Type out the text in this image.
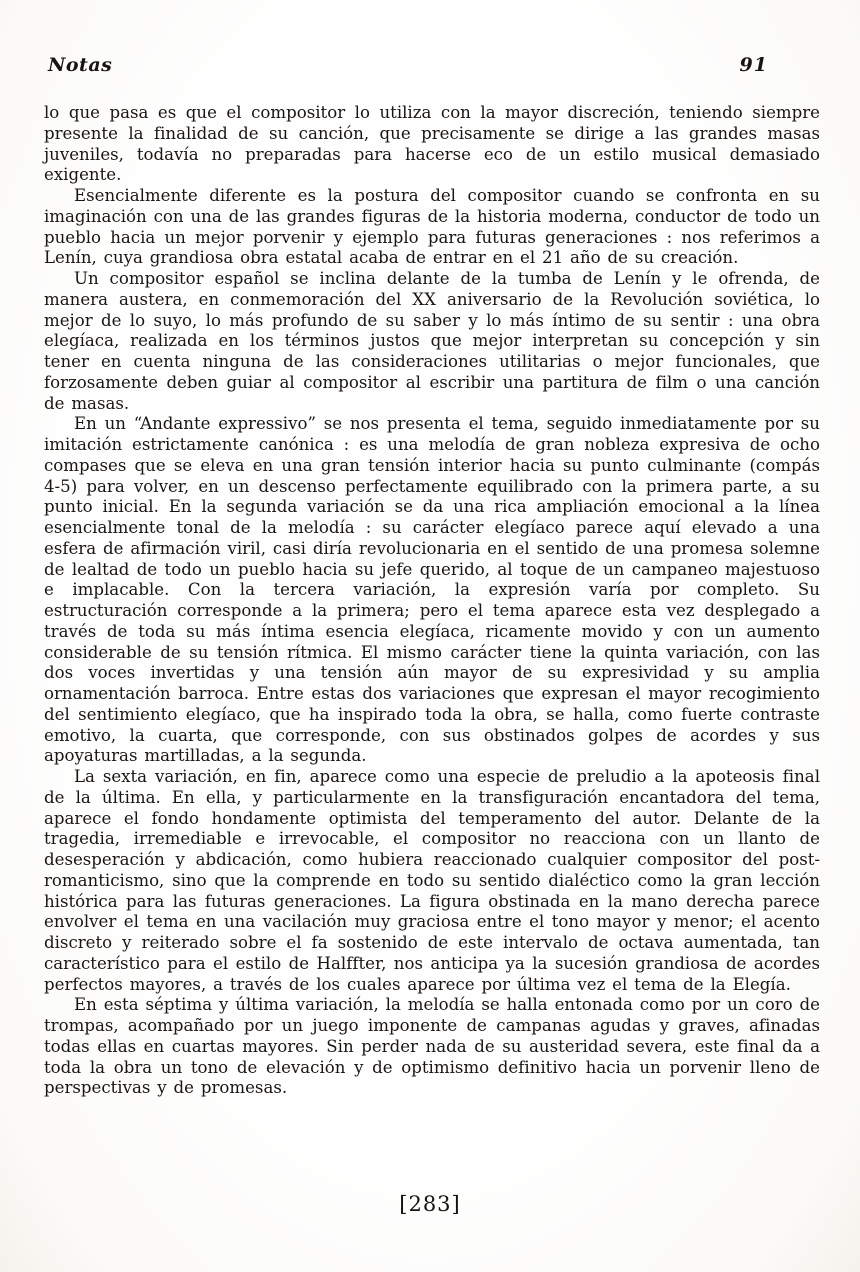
Notas	91

lo que pasa es que el compositor lo utiliza con la mayor discreción, teniendo siempre presente la finalidad de su canción, que precisamente se dirige a las grandes masas juveniles, todavía no preparadas para hacerse eco de un estilo musical demasiado exigente.

Esencialmente diferente es la postura del compositor cuando se confronta en su imaginación con una de las grandes figuras de la historia moderna, conductor de todo un pueblo hacia un mejor porvenir y ejemplo para futuras generaciones : nos referimos a Lenín, cuya grandiosa obra estatal acaba de entrar en el 21 año de su creación.

Un compositor español se inclina delante de la tumba de Lenín y le ofrenda, de manera austera, en conmemoración del XX aniversario de la Revolución soviética, lo mejor de lo suyo, lo más profundo de su saber y lo más íntimo de su sentir : una obra elegíaca, realizada en los términos justos que mejor interpretan su concepción y sin tener en cuenta ninguna de las consideraciones utilitarias o mejor funcionales, que forzosamente deben guiar al compositor al escribir una partitura de film o una canción de masas.

En un “Andante expressivo” se nos presenta el tema, seguido inmediatamente por su imitación estrictamente canónica : es una melodía de gran nobleza expresiva de ocho compases que se eleva en una gran tensión interior hacia su punto culminante (compás 4-5) para volver, en un descenso perfectamente equilibrado con la primera parte, a su punto inicial. En la segunda variación se da una rica ampliación emocional a la línea esencialmente tonal de la melodía : su carácter elegíaco parece aquí elevado a una esfera de afirmación viril, casi diría revolucionaria en el sentido de una promesa solemne de lealtad de todo un pueblo hacia su jefe querido, al toque de un campaneo majestuoso e implacable. Con la tercera variación, la expresión varía por completo. Su estructuración corresponde a la primera; pero el tema aparece esta vez desplegado a través de toda su más íntima esencia elegíaca, ricamente movido y con un aumento considerable de su tensión rítmica. El mismo carácter tiene la quinta variación, con las dos voces invertidas y una tensión aún mayor de su expresividad y su amplia ornamentación barroca. Entre estas dos variaciones que expresan el mayor recogimiento del sentimiento elegíaco, que ha inspirado toda la obra, se halla, como fuerte contraste emotivo, la cuarta, que corresponde, con sus obstinados golpes de acordes y sus apoyaturas martilladas, a la segunda.

La sexta variación, en fin, aparece como una especie de preludio a la apoteosis final de la última. En ella, y particularmente en la transfiguración encantadora del tema, aparece el fondo hondamente optimista del temperamento del autor. Delante de la tragedia, irremediable e irrevocable, el compositor no reacciona con un llanto de desesperación y abdicación, como hubiera reaccionado cualquier compositor del post-romanticismo, sino que la comprende en todo su sentido dialéctico como la gran lección histórica para las futuras generaciones. La figura obstinada en la mano derecha parece envolver el tema en una vacilación muy graciosa entre el tono mayor y menor; el acento discreto y reiterado sobre el fa sostenido de este intervalo de octava aumentada, tan característico para el estilo de Halffter, nos anticipa ya la sucesión grandiosa de acordes perfectos mayores, a través de los cuales aparece por última vez el tema de la Elegía.

En esta séptima y última variación, la melodía se halla entonada como por un coro de trompas, acompañado por un juego imponente de campanas agudas y graves, afinadas todas ellas en cuartas mayores. Sin perder nada de su austeridad severa, este final da a toda la obra un tono de elevación y de optimismo definitivo hacia un porvenir lleno de perspectivas y de promesas.

[283]
